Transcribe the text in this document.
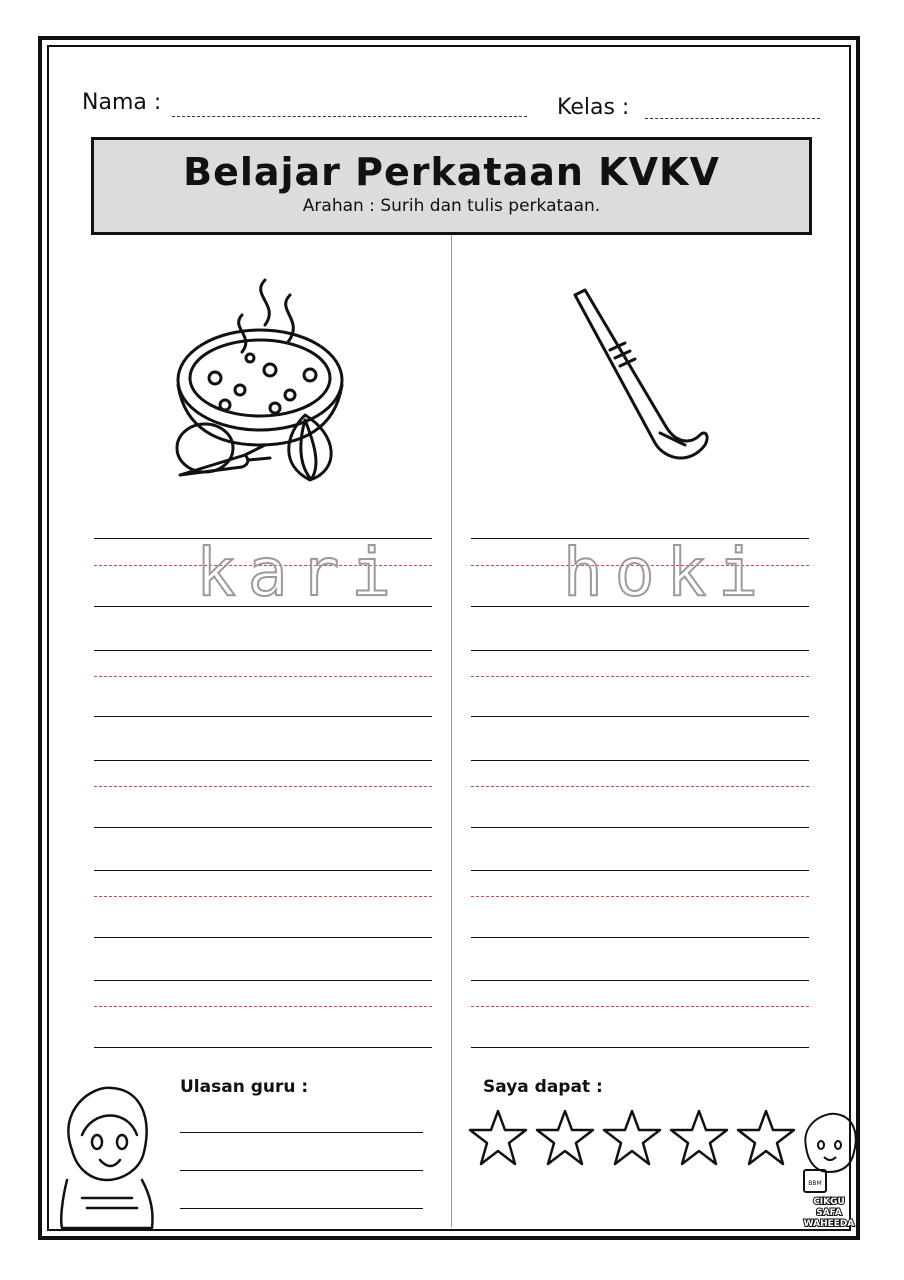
Nama :	Kelas :
Belajar Perkataan KVKV
Arahan : Surih dan tulis perkataan.
kari hoki
Ulasan guru :	Saya dapat :
BBM
CIKGU
SAFA
WAHEEDA
